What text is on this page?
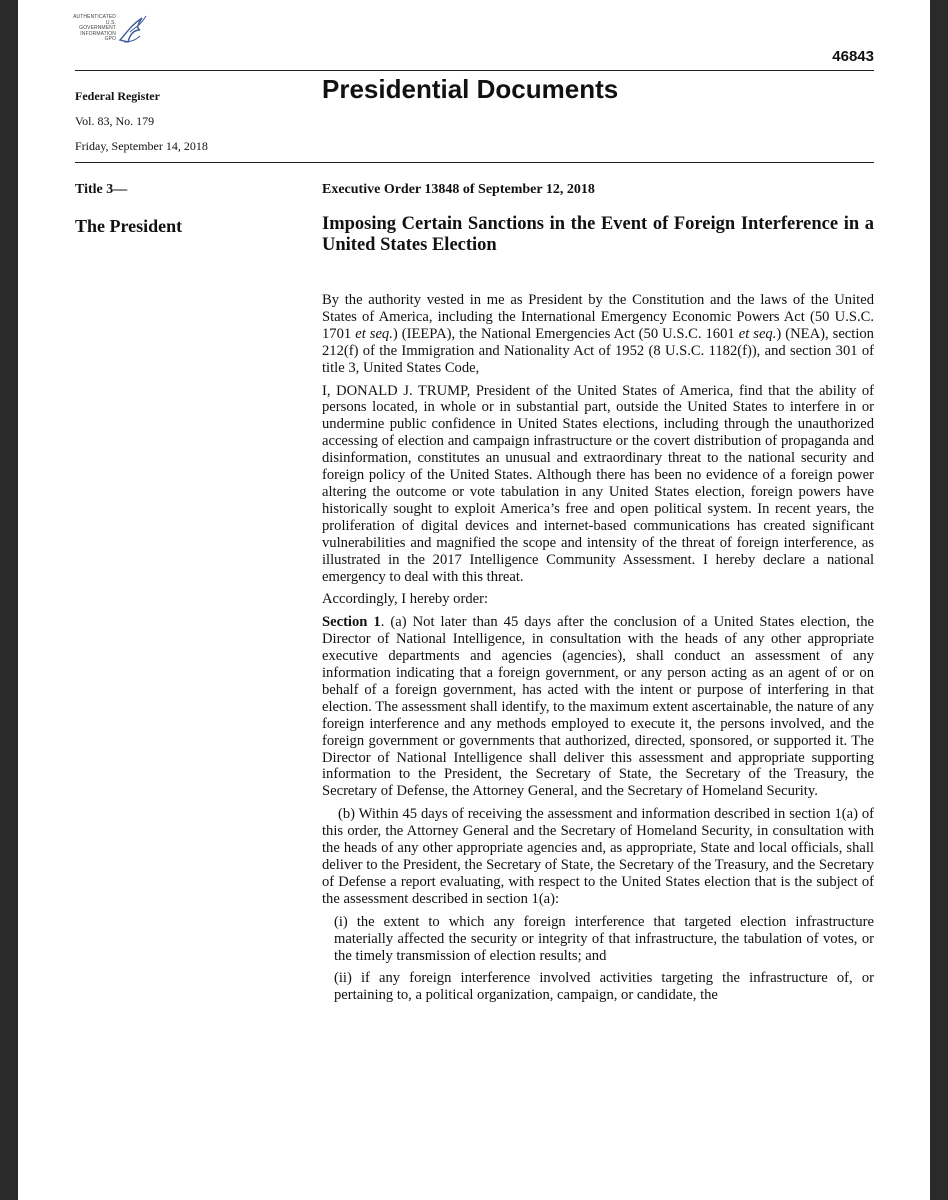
AUTHENTICATED
U.S. GOVERNMENT
INFORMATION
GPO
46843
Federal Register
Vol. 83, No. 179
Friday, September 14, 2018
Presidential Documents
Title 3—
The President
Executive Order 13848 of September 12, 2018
Imposing Certain Sanctions in the Event of Foreign Interference in a United States Election

By the authority vested in me as President by the Constitution and the laws of the United States of America, including the International Emergency Economic Powers Act (50 U.S.C. 1701 et seq.) (IEEPA), the National Emergencies Act (50 U.S.C. 1601 et seq.) (NEA), section 212(f) of the Immigration and Nationality Act of 1952 (8 U.S.C. 1182(f)), and section 301 of title 3, United States Code,

I, DONALD J. TRUMP, President of the United States of America, find that the ability of persons located, in whole or in substantial part, outside the United States to interfere in or undermine public confidence in United States elections, including through the unauthorized accessing of election and campaign infrastructure or the covert distribution of propaganda and disinformation, constitutes an unusual and extraordinary threat to the national security and foreign policy of the United States. Although there has been no evidence of a foreign power altering the outcome or vote tabulation in any United States election, foreign powers have historically sought to exploit America’s free and open political system. In recent years, the proliferation of digital devices and internet-based communications has created significant vulnerabilities and magnified the scope and intensity of the threat of foreign interference, as illustrated in the 2017 Intelligence Community Assessment. I hereby declare a national emergency to deal with this threat.

Accordingly, I hereby order:

Section 1. (a) Not later than 45 days after the conclusion of a United States election, the Director of National Intelligence, in consultation with the heads of any other appropriate executive departments and agencies (agencies), shall conduct an assessment of any information indicating that a foreign government, or any person acting as an agent of or on behalf of a foreign government, has acted with the intent or purpose of interfering in that election. The assessment shall identify, to the maximum extent ascertainable, the nature of any foreign interference and any methods employed to execute it, the persons involved, and the foreign government or governments that authorized, directed, sponsored, or supported it. The Director of National Intelligence shall deliver this assessment and appropriate supporting information to the President, the Secretary of State, the Secretary of the Treasury, the Secretary of Defense, the Attorney General, and the Secretary of Homeland Security.

(b) Within 45 days of receiving the assessment and information described in section 1(a) of this order, the Attorney General and the Secretary of Homeland Security, in consultation with the heads of any other appropriate agencies and, as appropriate, State and local officials, shall deliver to the President, the Secretary of State, the Secretary of the Treasury, and the Secretary of Defense a report evaluating, with respect to the United States election that is the subject of the assessment described in section 1(a):

(i) the extent to which any foreign interference that targeted election infrastructure materially affected the security or integrity of that infrastructure, the tabulation of votes, or the timely transmission of election results; and

(ii) if any foreign interference involved activities targeting the infrastructure of, or pertaining to, a political organization, campaign, or candidate, the
